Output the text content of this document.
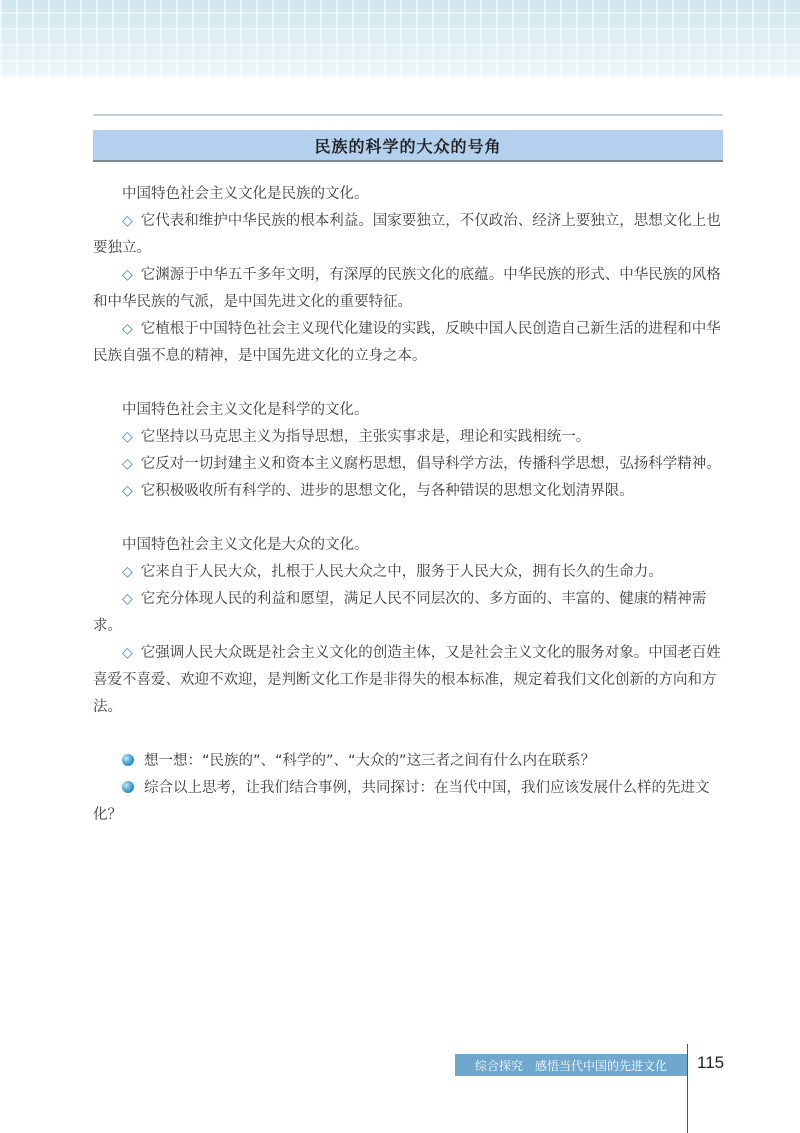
民族的科学的大众的号角

中国特色社会主义文化是民族的文化。

◇ 它代表和维护中华民族的根本利益。国家要独立，不仅政治、经济上要独立，思想文化上也要独立。

◇ 它渊源于中华五千多年文明，有深厚的民族文化的底蕴。中华民族的形式、中华民族的风格和中华民族的气派，是中国先进文化的重要特征。

◇ 它植根于中国特色社会主义现代化建设的实践，反映中国人民创造自己新生活的进程和中华民族自强不息的精神，是中国先进文化的立身之本。

中国特色社会主义文化是科学的文化。

◇ 它坚持以马克思主义为指导思想，主张实事求是，理论和实践相统一。

◇ 它反对一切封建主义和资本主义腐朽思想，倡导科学方法，传播科学思想，弘扬科学精神。

◇ 它积极吸收所有科学的、进步的思想文化，与各种错误的思想文化划清界限。

中国特色社会主义文化是大众的文化。

◇ 它来自于人民大众，扎根于人民大众之中，服务于人民大众，拥有长久的生命力。

◇ 它充分体现人民的利益和愿望，满足人民不同层次的、多方面的、丰富的、健康的精神需求。

◇ 它强调人民大众既是社会主义文化的创造主体，又是社会主义文化的服务对象。中国老百姓喜爱不喜爱、欢迎不欢迎，是判断文化工作是非得失的根本标准，规定着我们文化创新的方向和方法。

想一想：“民族的”、“科学的”、“大众的”这三者之间有什么内在联系？

综合以上思考，让我们结合事例，共同探讨：在当代中国，我们应该发展什么样的先进文化？

综合探究 感悟当代中国的先进文化 115
